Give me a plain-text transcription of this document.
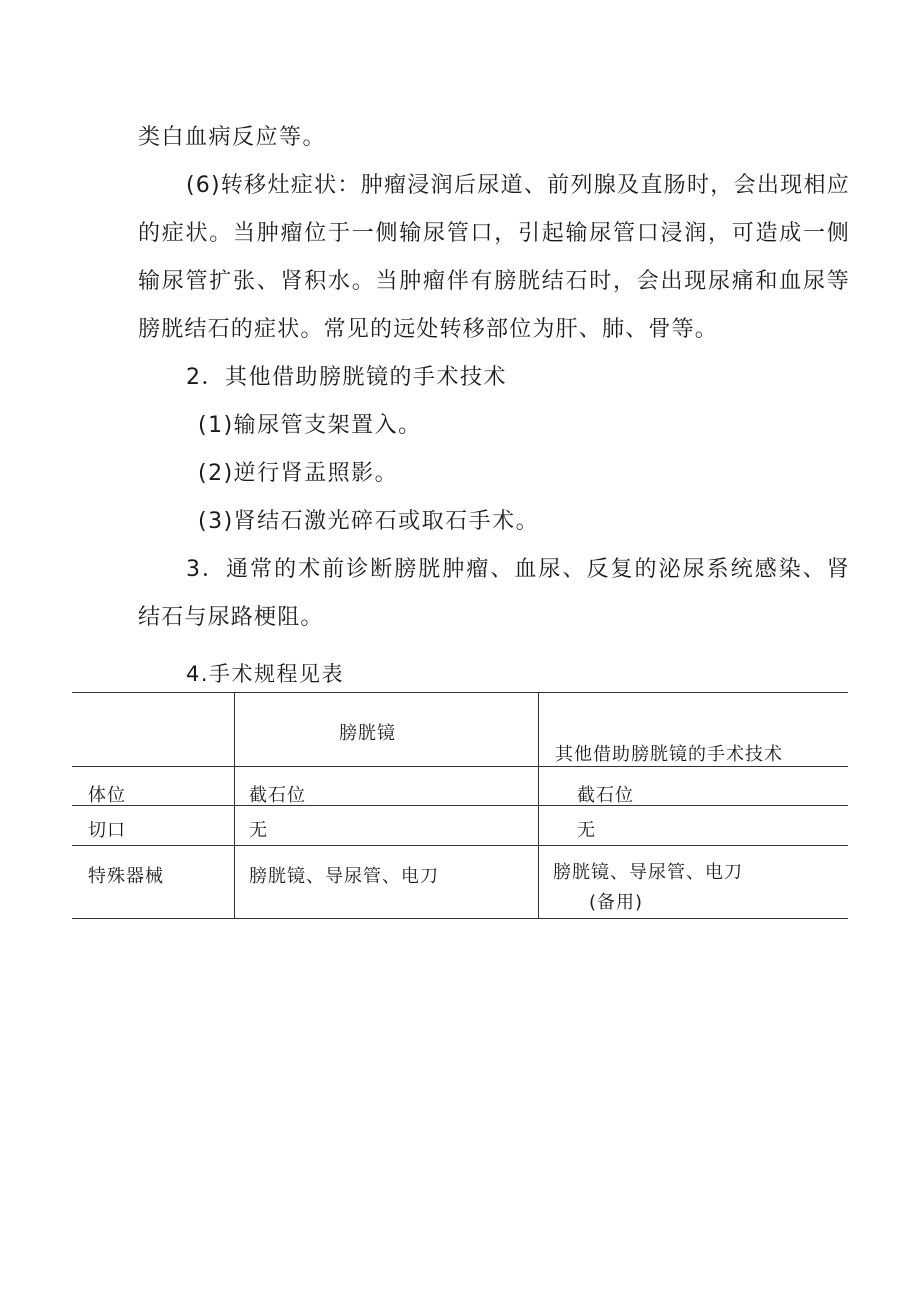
类白血病反应等。
(6)转移灶症状：肿瘤浸润后尿道、前列腺及直肠时，会出现相应的症状。当肿瘤位于一侧输尿管口，引起输尿管口浸润，可造成一侧输尿管扩张、肾积水。当肿瘤伴有膀胱结石时，会出现尿痛和血尿等膀胱结石的症状。常见的远处转移部位为肝、肺、骨等。
2．其他借助膀胱镜的手术技术
(1)输尿管支架置入。
(2)逆行肾盂照影。
(3)肾结石激光碎石或取石手术。
3．通常的术前诊断膀胱肿瘤、血尿、反复的泌尿系统感染、肾结石与尿路梗阻。
4.手术规程见表

	膀胱镜	其他借助膀胱镜的手术技术

体位	截石位	截石位

切口	无	无

特殊器械	膀胱镜、导尿管、电刀	膀胱镜、导尿管、电刀
(备用)
